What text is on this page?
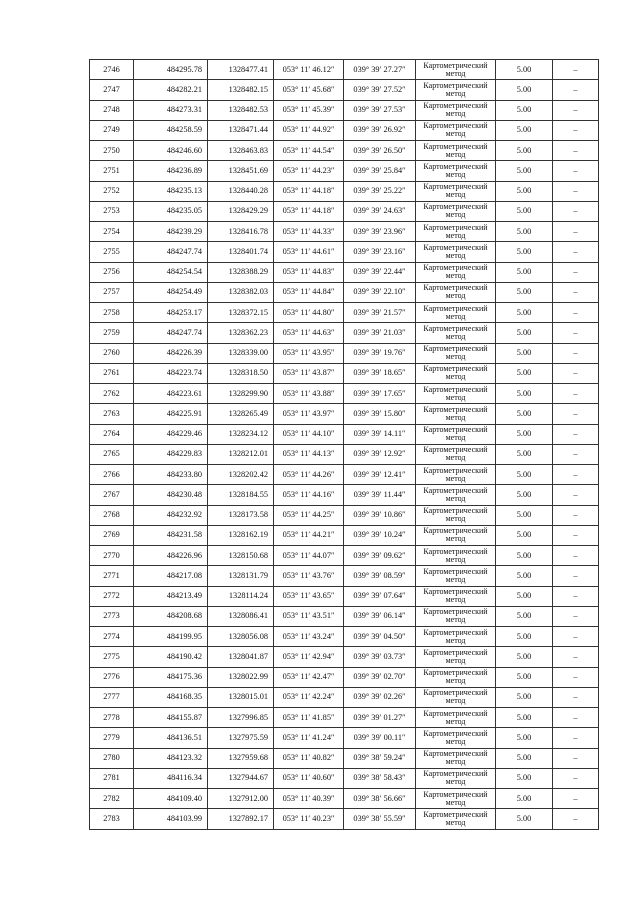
2746	484295.78	1328477.41	053° 11′ 46.12″	039° 39′ 27.27″	Картометрический метод	5.00	–
2747	484282.21	1328482.15	053° 11′ 45.68″	039° 39′ 27.52″	Картометрический метод	5.00	–
2748	484273.31	1328482.53	053° 11′ 45.39″	039° 39′ 27.53″	Картометрический метод	5.00	–
2749	484258.59	1328471.44	053° 11′ 44.92″	039° 39′ 26.92″	Картометрический метод	5.00	–
2750	484246.60	1328463.83	053° 11′ 44.54″	039° 39′ 26.50″	Картометрический метод	5.00	–
2751	484236.89	1328451.69	053° 11′ 44.23″	039° 39′ 25.84″	Картометрический метод	5.00	–
2752	484235.13	1328440.28	053° 11′ 44.18″	039° 39′ 25.22″	Картометрический метод	5.00	–
2753	484235.05	1328429.29	053° 11′ 44.18″	039° 39′ 24.63″	Картометрический метод	5.00	–
2754	484239.29	1328416.78	053° 11′ 44.33″	039° 39′ 23.96″	Картометрический метод	5.00	–
2755	484247.74	1328401.74	053° 11′ 44.61″	039° 39′ 23.16″	Картометрический метод	5.00	–
2756	484254.54	1328388.29	053° 11′ 44.83″	039° 39′ 22.44″	Картометрический метод	5.00	–
2757	484254.49	1328382.03	053° 11′ 44.84″	039° 39′ 22.10″	Картометрический метод	5.00	–
2758	484253.17	1328372.15	053° 11′ 44.80″	039° 39′ 21.57″	Картометрический метод	5.00	–
2759	484247.74	1328362.23	053° 11′ 44.63″	039° 39′ 21.03″	Картометрический метод	5.00	–
2760	484226.39	1328339.00	053° 11′ 43.95″	039° 39′ 19.76″	Картометрический метод	5.00	–
2761	484223.74	1328318.50	053° 11′ 43.87″	039° 39′ 18.65″	Картометрический метод	5.00	–
2762	484223.61	1328299.90	053° 11′ 43.88″	039° 39′ 17.65″	Картометрический метод	5.00	–
2763	484225.91	1328265.49	053° 11′ 43.97″	039° 39′ 15.80″	Картометрический метод	5.00	–
2764	484229.46	1328234.12	053° 11′ 44.10″	039° 39′ 14.11″	Картометрический метод	5.00	–
2765	484229.83	1328212.01	053° 11′ 44.13″	039° 39′ 12.92″	Картометрический метод	5.00	–
2766	484233.80	1328202.42	053° 11′ 44.26″	039° 39′ 12.41″	Картометрический метод	5.00	–
2767	484230.48	1328184.55	053° 11′ 44.16″	039° 39′ 11.44″	Картометрический метод	5.00	–
2768	484232.92	1328173.58	053° 11′ 44.25″	039° 39′ 10.86″	Картометрический метод	5.00	–
2769	484231.58	1328162.19	053° 11′ 44.21″	039° 39′ 10.24″	Картометрический метод	5.00	–
2770	484226.96	1328150.68	053° 11′ 44.07″	039° 39′ 09.62″	Картометрический метод	5.00	–
2771	484217.08	1328131.79	053° 11′ 43.76″	039° 39′ 08.59″	Картометрический метод	5.00	–
2772	484213.49	1328114.24	053° 11′ 43.65″	039° 39′ 07.64″	Картометрический метод	5.00	–
2773	484208.68	1328086.41	053° 11′ 43.51″	039° 39′ 06.14″	Картометрический метод	5.00	–
2774	484199.95	1328056.08	053° 11′ 43.24″	039° 39′ 04.50″	Картометрический метод	5.00	–
2775	484190.42	1328041.87	053° 11′ 42.94″	039° 39′ 03.73″	Картометрический метод	5.00	–
2776	484175.36	1328022.99	053° 11′ 42.47″	039° 39′ 02.70″	Картометрический метод	5.00	–
2777	484168.35	1328015.01	053° 11′ 42.24″	039° 39′ 02.26″	Картометрический метод	5.00	–
2778	484155.87	1327996.85	053° 11′ 41.85″	039° 39′ 01.27″	Картометрический метод	5.00	–
2779	484136.51	1327975.59	053° 11′ 41.24″	039° 39′ 00.11″	Картометрический метод	5.00	–
2780	484123.32	1327959.68	053° 11′ 40.82″	039° 38′ 59.24″	Картометрический метод	5.00	–
2781	484116.34	1327944.67	053° 11′ 40.60″	039° 38′ 58.43″	Картометрический метод	5.00	–
2782	484109.40	1327912.00	053° 11′ 40.39″	039° 38′ 56.66″	Картометрический метод	5.00	–
2783	484103.99	1327892.17	053° 11′ 40.23″	039° 38′ 55.59″	Картометрический метод	5.00	–
